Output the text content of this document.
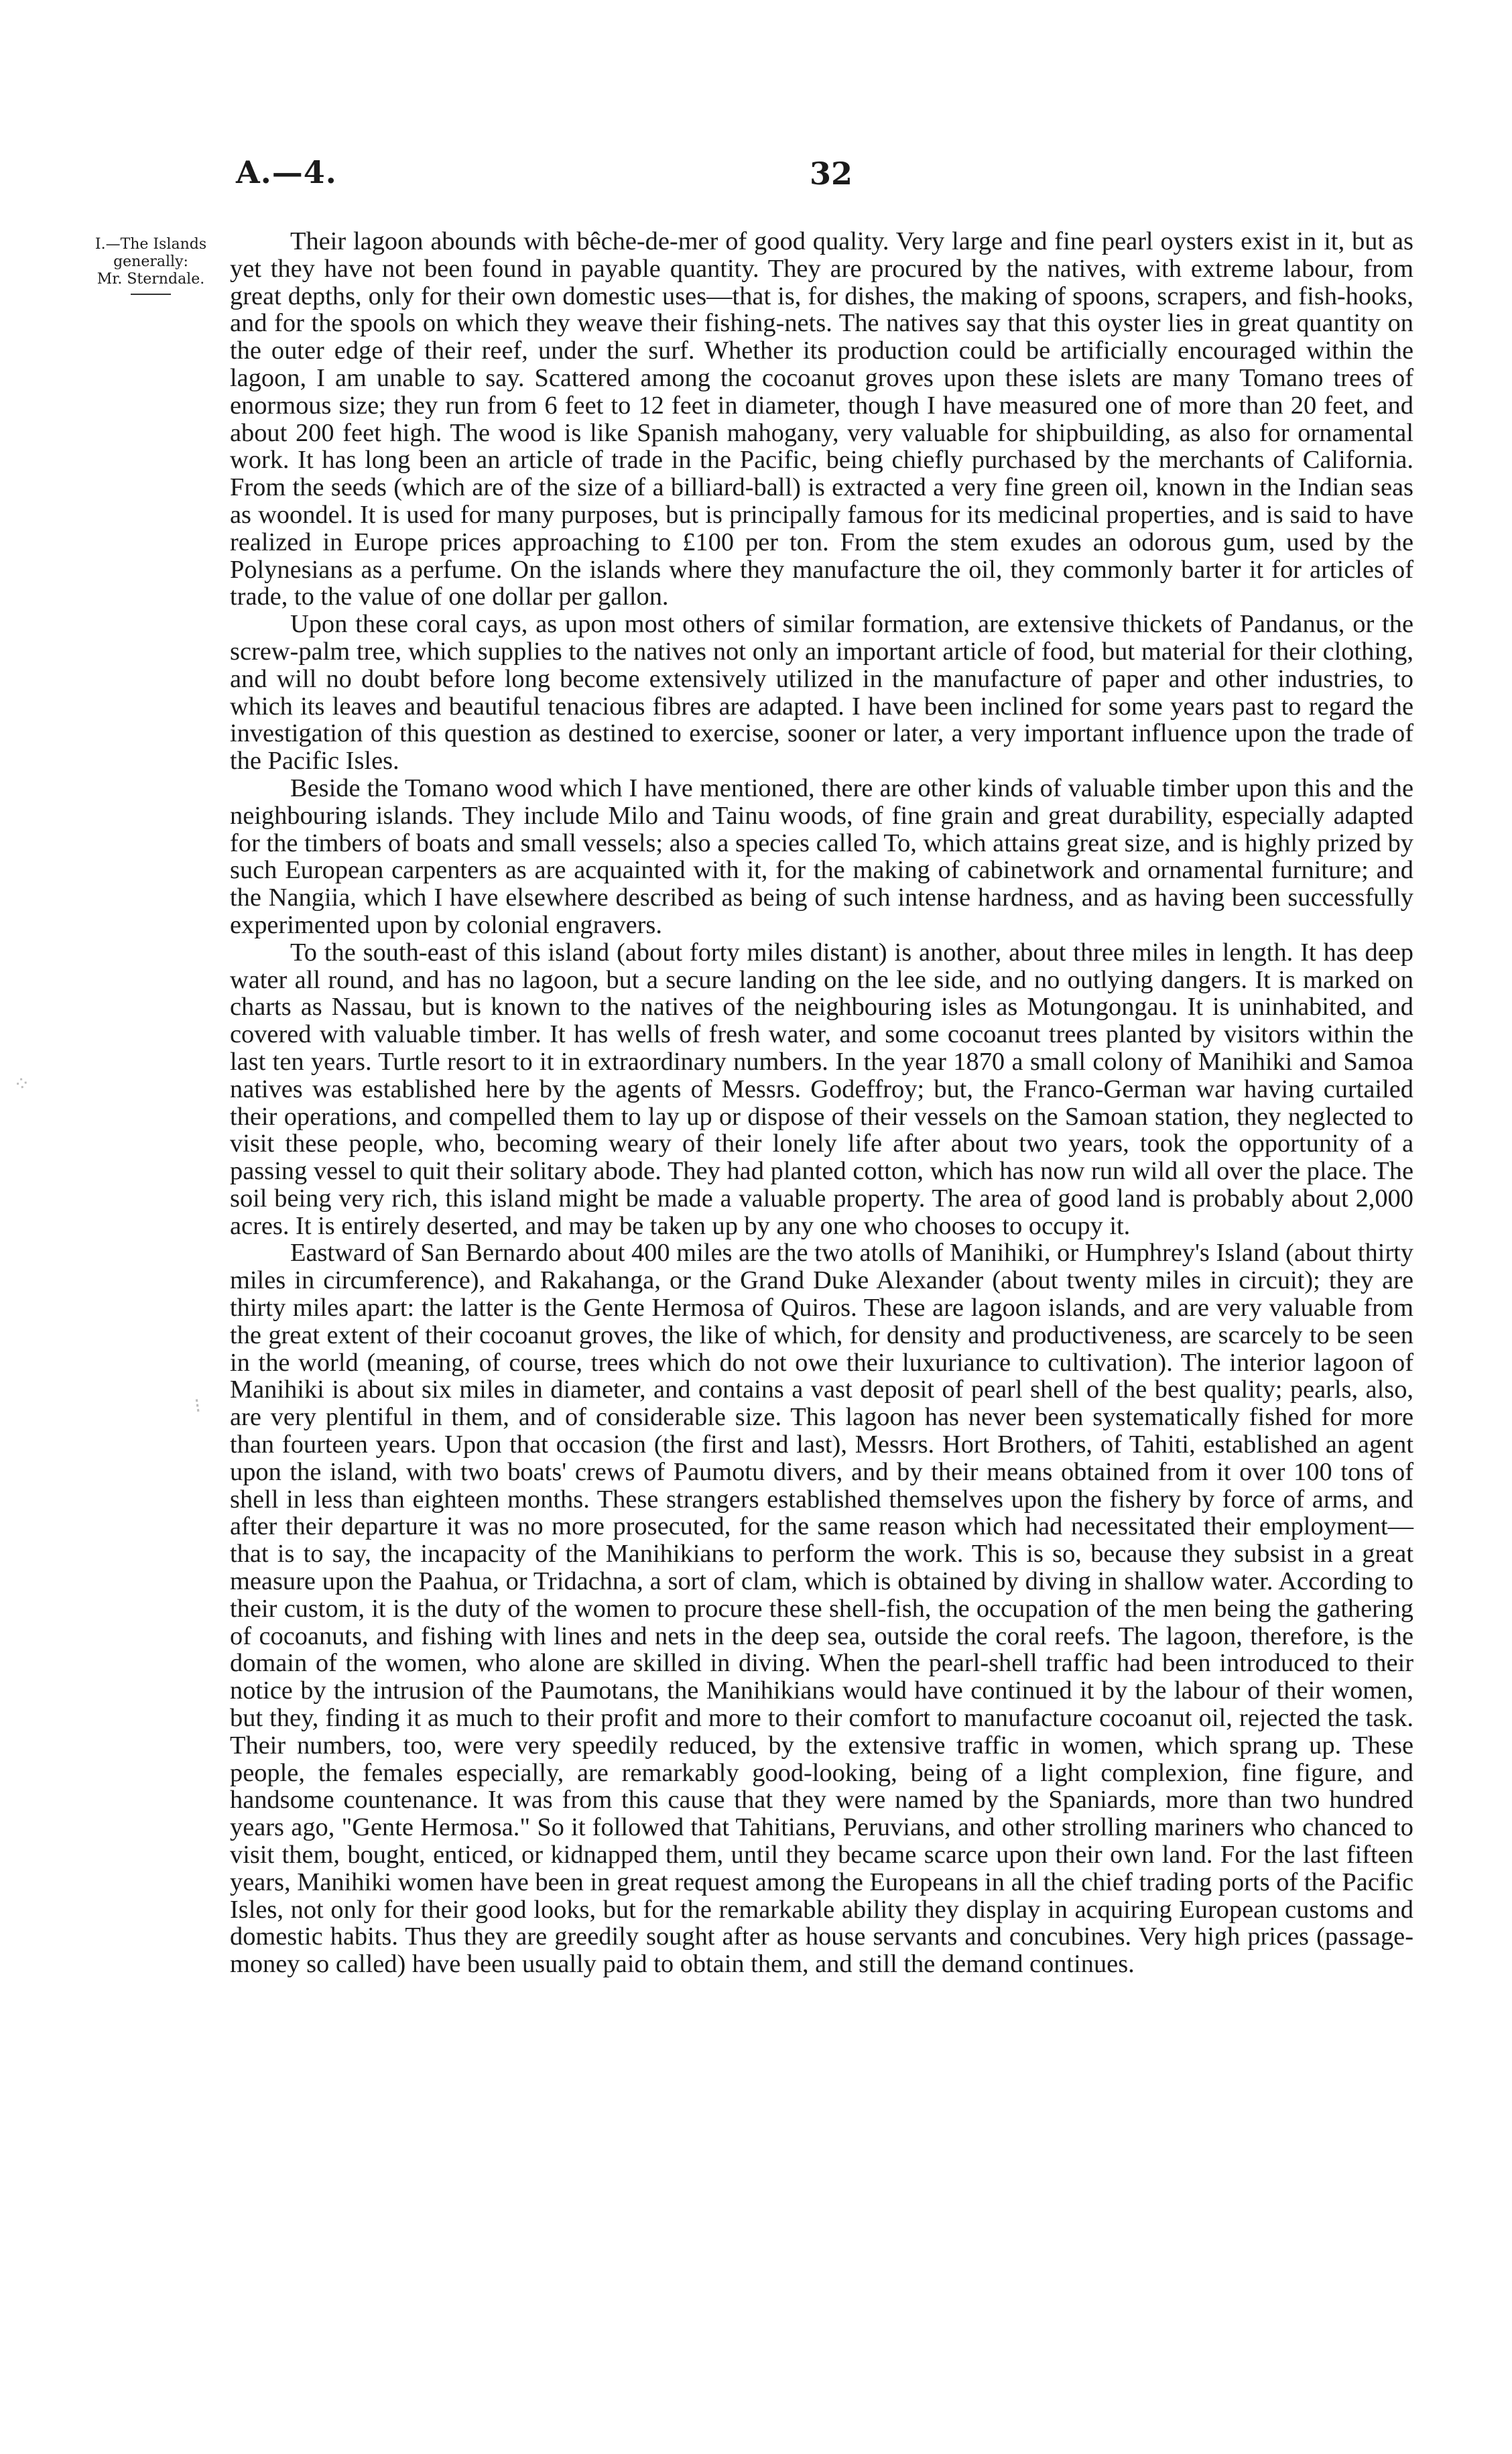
A.—4.	32
I.—The Islands
generally:
Mr. Sterndale.

Their lagoon abounds with bêche-de-mer of good quality. Very large and fine pearl oysters exist in it, but as yet they have not been found in payable quantity. They are procured by the natives, with extreme labour, from great depths, only for their own domestic uses—that is, for dishes, the making of spoons, scrapers, and fish-hooks, and for the spools on which they weave their fishing-nets. The natives say that this oyster lies in great quantity on the outer edge of their reef, under the surf. Whether its production could be artificially encouraged within the lagoon, I am unable to say. Scattered among the cocoanut groves upon these islets are many Tomano trees of enormous size; they run from 6 feet to 12 feet in diameter, though I have measured one of more than 20 feet, and about 200 feet high. The wood is like Spanish mahogany, very valuable for shipbuilding, as also for ornamental work. It has long been an article of trade in the Pacific, being chiefly purchased by the merchants of California. From the seeds (which are of the size of a billiard-ball) is extracted a very fine green oil, known in the Indian seas as woondel. It is used for many purposes, but is principally famous for its medicinal properties, and is said to have realized in Europe prices approaching to £100 per ton. From the stem exudes an odorous gum, used by the Polynesians as a perfume. On the islands where they manufacture the oil, they commonly barter it for articles of trade, to the value of one dollar per gallon.

Upon these coral cays, as upon most others of similar formation, are extensive thickets of Pandanus, or the screw-palm tree, which supplies to the natives not only an important article of food, but material for their clothing, and will no doubt before long become extensively utilized in the manufacture of paper and other industries, to which its leaves and beautiful tenacious fibres are adapted. I have been inclined for some years past to regard the investigation of this question as destined to exercise, sooner or later, a very important influence upon the trade of the Pacific Isles.

Beside the Tomano wood which I have mentioned, there are other kinds of valuable timber upon this and the neighbouring islands. They include Milo and Tainu woods, of fine grain and great durability, especially adapted for the timbers of boats and small vessels; also a species called To, which attains great size, and is highly prized by such European carpenters as are acquainted with it, for the making of cabinetwork and ornamental furniture; and the Nangiia, which I have elsewhere described as being of such intense hardness, and as having been successfully experimented upon by colonial engravers.

To the south-east of this island (about forty miles distant) is another, about three miles in length. It has deep water all round, and has no lagoon, but a secure landing on the lee side, and no outlying dangers. It is marked on charts as Nassau, but is known to the natives of the neighbouring isles as Motungongau. It is uninhabited, and covered with valuable timber. It has wells of fresh water, and some cocoanut trees planted by visitors within the last ten years. Turtle resort to it in extraordinary numbers. In the year 1870 a small colony of Manihiki and Samoa natives was established here by the agents of Messrs. Godeffroy; but, the Franco-German war having curtailed their operations, and compelled them to lay up or dispose of their vessels on the Samoan station, they neglected to visit these people, who, becoming weary of their lonely life after about two years, took the opportunity of a passing vessel to quit their solitary abode. They had planted cotton, which has now run wild all over the place. The soil being very rich, this island might be made a valuable property. The area of good land is probably about 2,000 acres. It is entirely deserted, and may be taken up by any one who chooses to occupy it.

Eastward of San Bernardo about 400 miles are the two atolls of Manihiki, or Humphrey's Island (about thirty miles in circumference), and Rakahanga, or the Grand Duke Alexander (about twenty miles in circuit); they are thirty miles apart: the latter is the Gente Hermosa of Quiros. These are lagoon islands, and are very valuable from the great extent of their cocoanut groves, the like of which, for density and productiveness, are scarcely to be seen in the world (meaning, of course, trees which do not owe their luxuriance to cultivation). The interior lagoon of Manihiki is about six miles in diameter, and contains a vast deposit of pearl shell of the best quality; pearls, also, are very plentiful in them, and of considerable size. This lagoon has never been systematically fished for more than fourteen years. Upon that occasion (the first and last), Messrs. Hort Brothers, of Tahiti, established an agent upon the island, with two boats' crews of Paumotu divers, and by their means obtained from it over 100 tons of shell in less than eighteen months. These strangers established themselves upon the fishery by force of arms, and after their departure it was no more prosecuted, for the same reason which had necessitated their employment—that is to say, the incapacity of the Manihikians to perform the work. This is so, because they subsist in a great measure upon the Paahua, or Tridachna, a sort of clam, which is obtained by diving in shallow water. According to their custom, it is the duty of the women to procure these shell-fish, the occupation of the men being the gathering of cocoanuts, and fishing with lines and nets in the deep sea, outside the coral reefs. The lagoon, therefore, is the domain of the women, who alone are skilled in diving. When the pearl-shell traffic had been introduced to their notice by the intrusion of the Paumotans, the Manihikians would have continued it by the labour of their women, but they, finding it as much to their profit and more to their comfort to manufacture cocoanut oil, rejected the task. Their numbers, too, were very speedily reduced, by the extensive traffic in women, which sprang up. These people, the females especially, are remarkably good-looking, being of a light complexion, fine figure, and handsome countenance. It was from this cause that they were named by the Spaniards, more than two hundred years ago, "Gente Hermosa." So it followed that Tahitians, Peruvians, and other strolling mariners who chanced to visit them, bought, enticed, or kidnapped them, until they became scarce upon their own land. For the last fifteen years, Manihiki women have been in great request among the Europeans in all the chief trading ports of the Pacific Isles, not only for their good looks, but for the remarkable ability they display in acquiring European customs and domestic habits. Thus they are greedily sought after as house servants and concubines. Very high prices (passage-money so called) have been usually paid to obtain them, and still the demand continues.

⁘
⁝
